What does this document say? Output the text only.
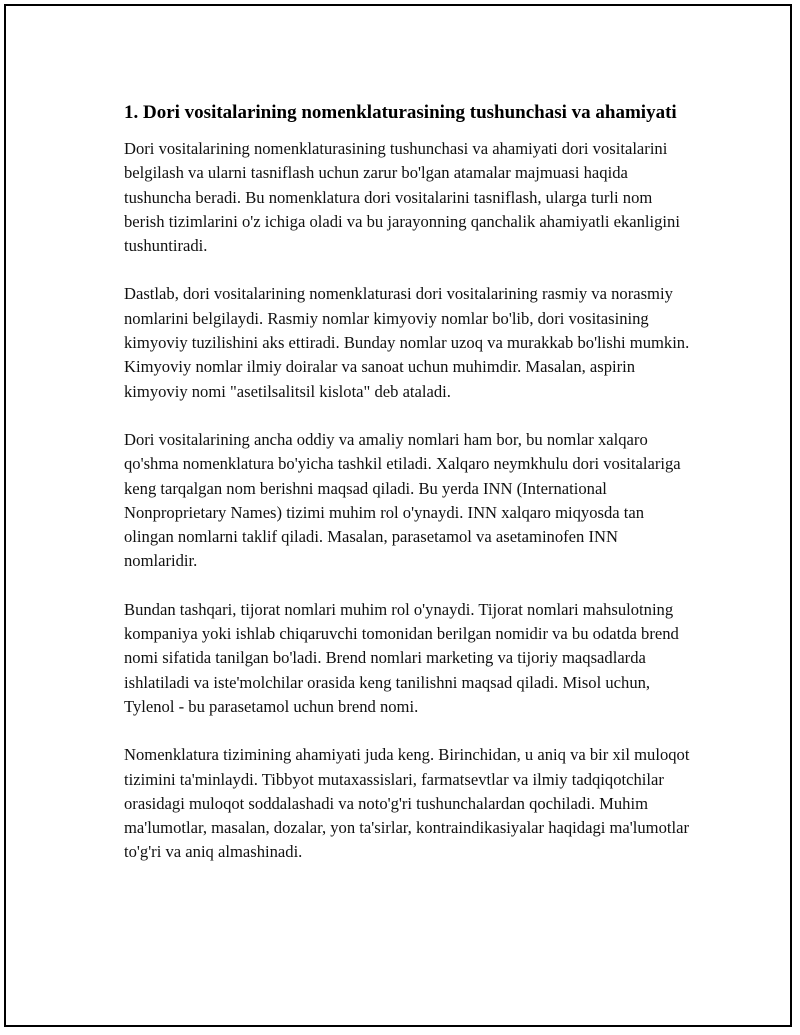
1. Dori vositalarining nomenklaturasining tushunchasi va ahamiyati

Dori vositalarining nomenklaturasining tushunchasi va ahamiyati dori vositalarini belgilash va ularni tasniflash uchun zarur bo'lgan atamalar majmuasi haqida tushuncha beradi. Bu nomenklatura dori vositalarini tasniflash, ularga turli nom berish tizimlarini o'z ichiga oladi va bu jarayonning qanchalik ahamiyatli ekanligini tushuntiradi.

Dastlab, dori vositalarining nomenklaturasi dori vositalarining rasmiy va norasmiy nomlarini belgilaydi. Rasmiy nomlar kimyoviy nomlar bo'lib, dori vositasining kimyoviy tuzilishini aks ettiradi. Bunday nomlar uzoq va murakkab bo'lishi mumkin. Kimyoviy nomlar ilmiy doiralar va sanoat uchun muhimdir. Masalan, aspirin kimyoviy nomi "asetilsalitsil kislota" deb ataladi.

Dori vositalarining ancha oddiy va amaliy nomlari ham bor, bu nomlar xalqaro qo'shma nomenklatura bo'yicha tashkil etiladi. Xalqaro neymkhulu dori vositalariga keng tarqalgan nom berishni maqsad qiladi. Bu yerda INN (International Nonproprietary Names) tizimi muhim rol o'ynaydi. INN xalqaro miqyosda tan olingan nomlarni taklif qiladi. Masalan, parasetamol va asetaminofen INN nomlaridir.

Bundan tashqari, tijorat nomlari muhim rol o'ynaydi. Tijorat nomlari mahsulotning kompaniya yoki ishlab chiqaruvchi tomonidan berilgan nomidir va bu odatda brend nomi sifatida tanilgan bo'ladi. Brend nomlari marketing va tijoriy maqsadlarda ishlatiladi va iste'molchilar orasida keng tanilishni maqsad qiladi. Misol uchun, Tylenol - bu parasetamol uchun brend nomi.

Nomenklatura tizimining ahamiyati juda keng. Birinchidan, u aniq va bir xil muloqot tizimini ta'minlaydi. Tibbyot mutaxassislari, farmatsevtlar va ilmiy tadqiqotchilar orasidagi muloqot soddalashadi va noto'g'ri tushunchalardan qochiladi. Muhim ma'lumotlar, masalan, dozalar, yon ta'sirlar, kontraindikasiyalar haqidagi ma'lumotlar to'g'ri va aniq almashinadi.
